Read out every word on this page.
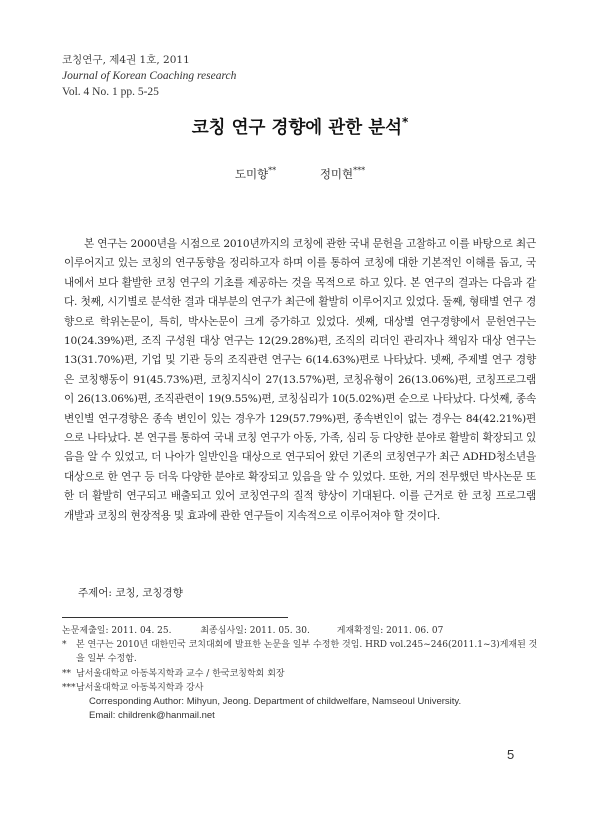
코칭연구, 제4권 1호, 2011
Journal of Korean Coaching research
Vol. 4 No. 1 pp. 5-25
코칭 연구 경향에 관한 분석*
도미향**	정미현***
본 연구는 2000년을 시점으로 2010년까지의 코칭에 관한 국내 문헌을 고찰하고 이를 바탕으로 최근 이루어지고 있는 코칭의 연구동향을 정리하고자 하며 이를 통하여 코칭에 대한 기본적인 이해를 돕고, 국내에서 보다 활발한 코칭 연구의 기초를 제공하는 것을 목적으로 하고 있다. 본 연구의 결과는 다음과 같다. 첫째, 시기별로 분석한 결과 대부분의 연구가 최근에 활발히 이루어지고 있었다. 둘째, 형태별 연구 경향으로 학위논문이, 특히, 박사논문이 크게 증가하고 있었다. 셋째, 대상별 연구경향에서 문헌연구는 10(24.39%)편, 조직 구성원 대상 연구는 12(29.28%)편, 조직의 리더인 관리자나 책임자 대상 연구는 13(31.70%)편, 기업 및 기관 등의 조직관련 연구는 6(14.63%)편로 나타났다. 넷째, 주제별 연구 경향은 코칭행동이 91(45.73%)편, 코칭지식이 27(13.57%)편, 코칭유형이 26(13.06%)편, 코칭프로그램이 26(13.06%)편, 조직관련이 19(9.55%)편, 코칭심리가 10(5.02%)편 순으로 나타났다. 다섯째, 종속변인별 연구경향은 종속 변인이 있는 경우가 129(57.79%)편, 종속변인이 없는 경우는 84(42.21%)편으로 나타났다. 본 연구를 통하여 국내 코칭 연구가 아동, 가족, 심리 등 다양한 분야로 활발히 확장되고 있음을 알 수 있었고, 더 나아가 일반인을 대상으로 연구되어 왔던 기존의 코칭연구가 최근 ADHD청소년을 대상으로 한 연구 등 더욱 다양한 분야로 확장되고 있음을 알 수 있었다. 또한, 거의 전무했던 박사논문 또한 더 활발히 연구되고 배출되고 있어 코칭연구의 질적 향상이 기대된다. 이를 근거로 한 코칭 프로그램 개발과 코칭의 현장적용 및 효과에 관한 연구들이 지속적으로 이루어져야 할 것이다.
주제어: 코칭, 코칭경향
논문제출일: 2011. 04. 25.	최종심사일: 2011. 05. 30.	게재확정일: 2011. 06. 07
* 본 연구는 2010년 대한민국 코치대회에 발표한 논문을 일부 수정한 것임. HRD vol.245~246(2011.1~3)게재된 것을 일부 수정함.
** 남서울대학교 아동복지학과 교수 / 한국코칭학회 회장
***남서울대학교 아동복지학과 강사
Corresponding Author: Mihyun, Jeong. Department of childwelfare, Namseoul University.
Email: childrenk@hanmail.net
5
